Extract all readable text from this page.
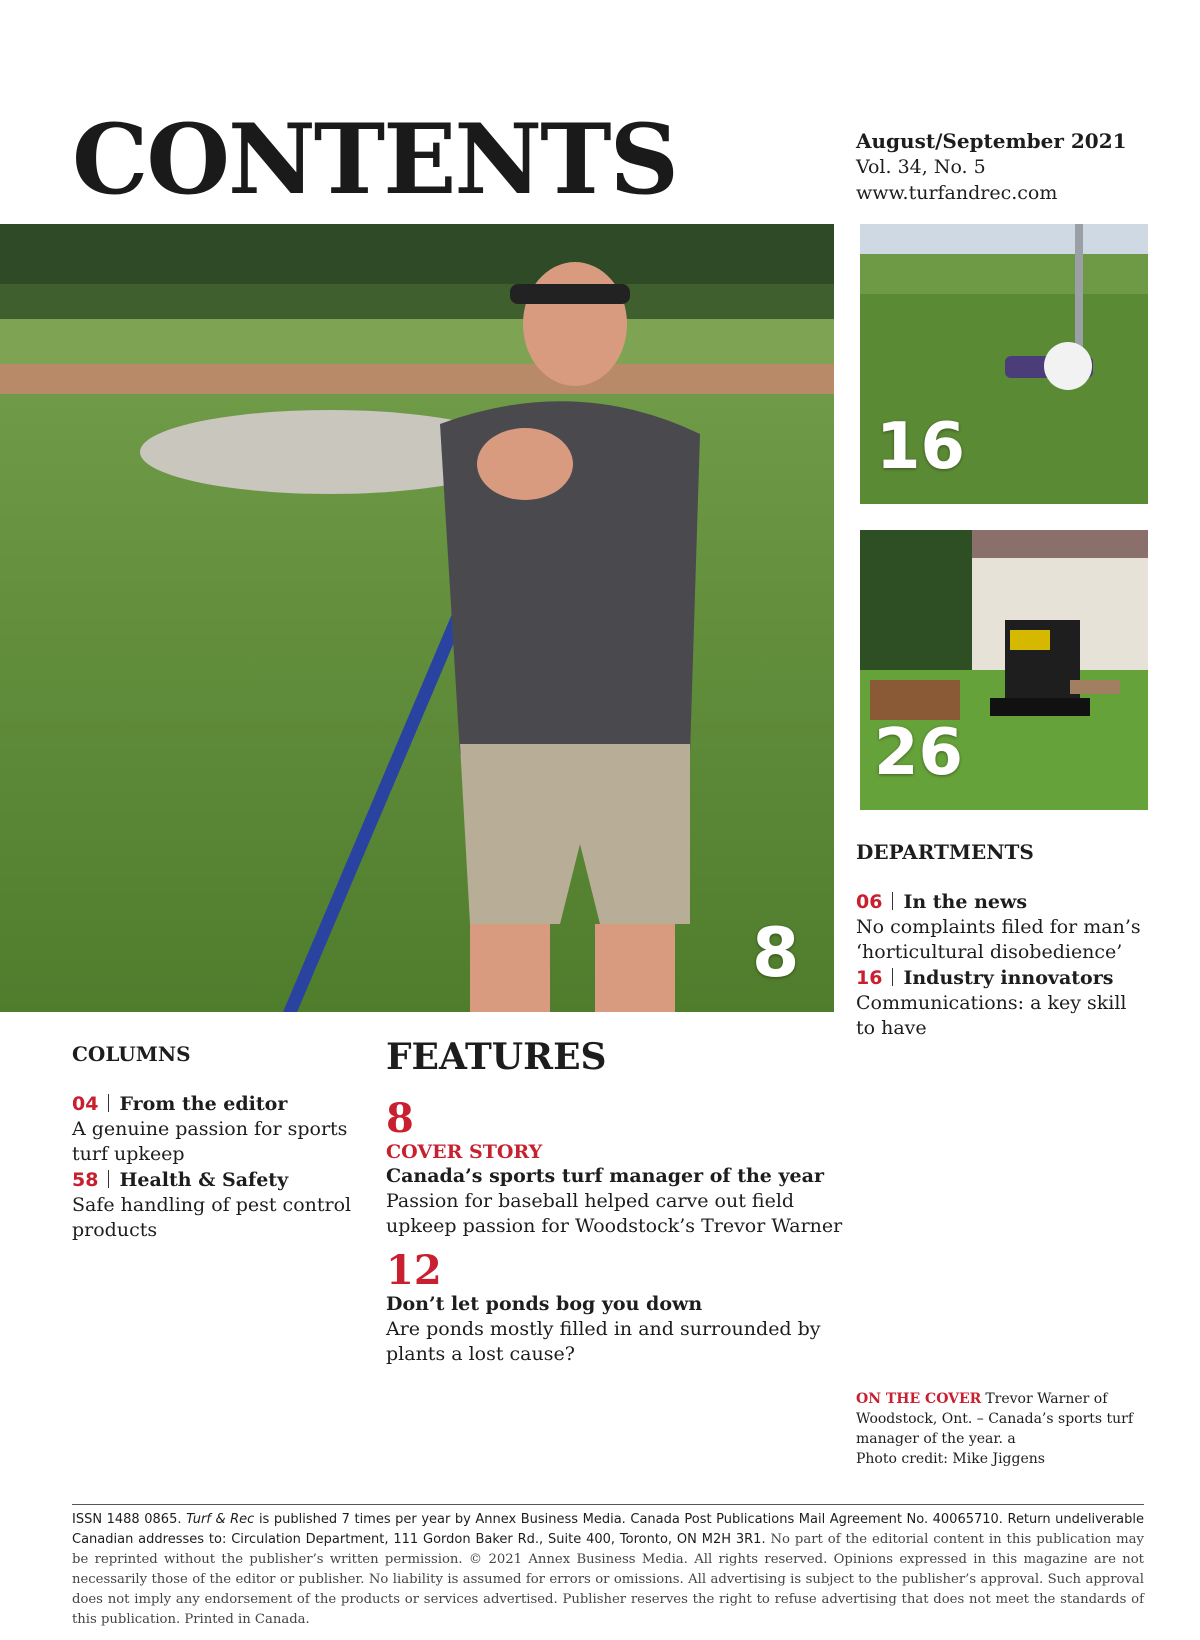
CONTENTS	August/September 2021
Vol. 34, No. 5
www.turfandrec.com
8
16
26
DEPARTMENTS
06 In the news
No complaints filed for man’s ‘horticultural disobedience’
16 Industry innovators
Communications: a key skill to have
COLUMNS
04 From the editor
A genuine passion for sports turf upkeep
58 Health & Safety
Safe handling of pest control products
FEATURES
8
COVER STORY
Canada’s sports turf manager of the year
Passion for baseball helped carve out field upkeep passion for Woodstock’s Trevor Warner
12
Don’t let ponds bog you down
Are ponds mostly filled in and surrounded by plants a lost cause?
ON THE COVER Trevor Warner of Woodstock, Ont. – Canada’s sports turf manager of the year. a
Photo credit: Mike Jiggens
ISSN 1488 0865. Turf & Rec is published 7 times per year by Annex Business Media. Canada Post Publications Mail Agreement No. 40065710. Return undeliverable Canadian addresses to: Circulation Department, 111 Gordon Baker Rd., Suite 400, Toronto, ON M2H 3R1. No part of the editorial content in this publication may be reprinted without the publisher’s written permission. © 2021 Annex Business Media. All rights reserved. Opinions expressed in this magazine are not necessarily those of the editor or publisher. No liability is assumed for errors or omissions. All advertising is subject to the publisher’s approval. Such approval does not imply any endorsement of the products or services advertised. Publisher reserves the right to refuse advertising that does not meet the standards of this publication. Printed in Canada.
